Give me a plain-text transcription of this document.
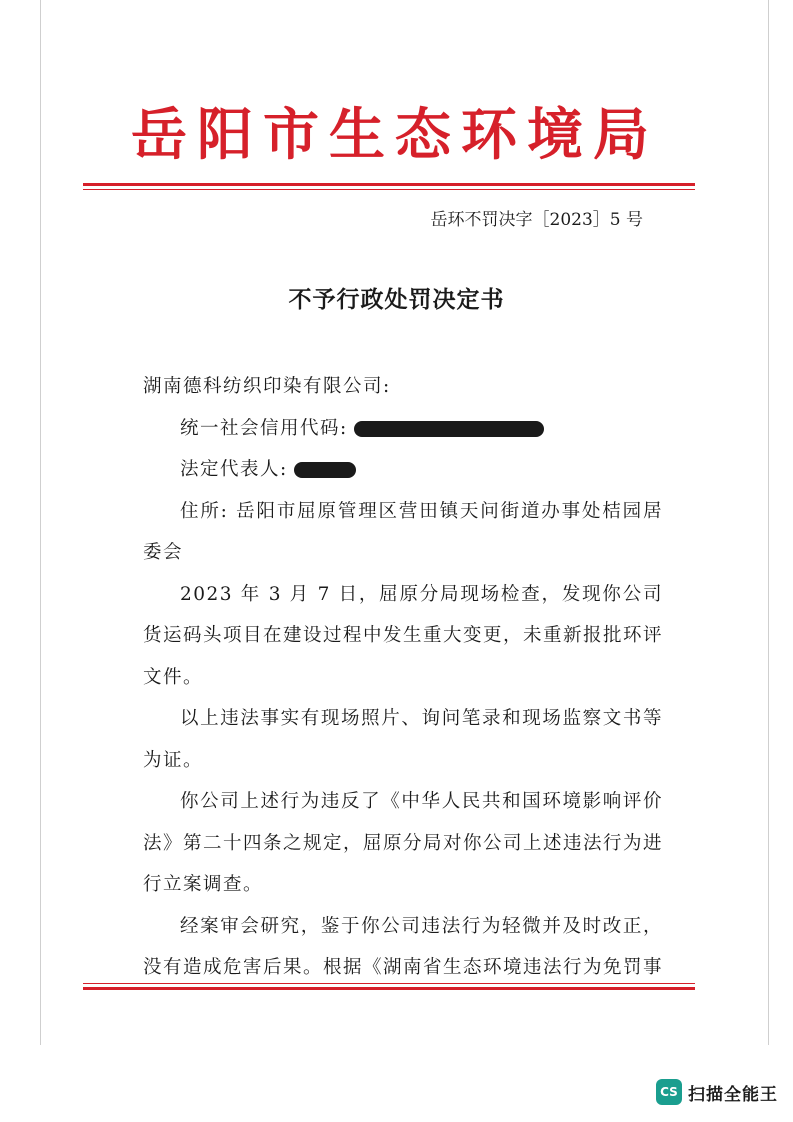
岳阳市生态环境局
岳环不罚决字［2023］5 号
不予行政处罚决定书

湖南德科纺织印染有限公司:

统一社会信用代码:

法定代表人:

住所: 岳阳市屈原管理区营田镇天问街道办事处桔园居委会

2023 年 3 月 7 日，屈原分局现场检查，发现你公司货运码头项目在建设过程中发生重大变更，未重新报批环评文件。

以上违法事实有现场照片、询问笔录和现场监察文书等为证。

你公司上述行为违反了《中华人民共和国环境影响评价法》第二十四条之规定，屈原分局对你公司上述违法行为进行立案调查。

经案审会研究，鉴于你公司违法行为轻微并及时改正，没有造成危害后果。根据《湖南省生态环境违法行为免罚事

CS 扫描全能王
